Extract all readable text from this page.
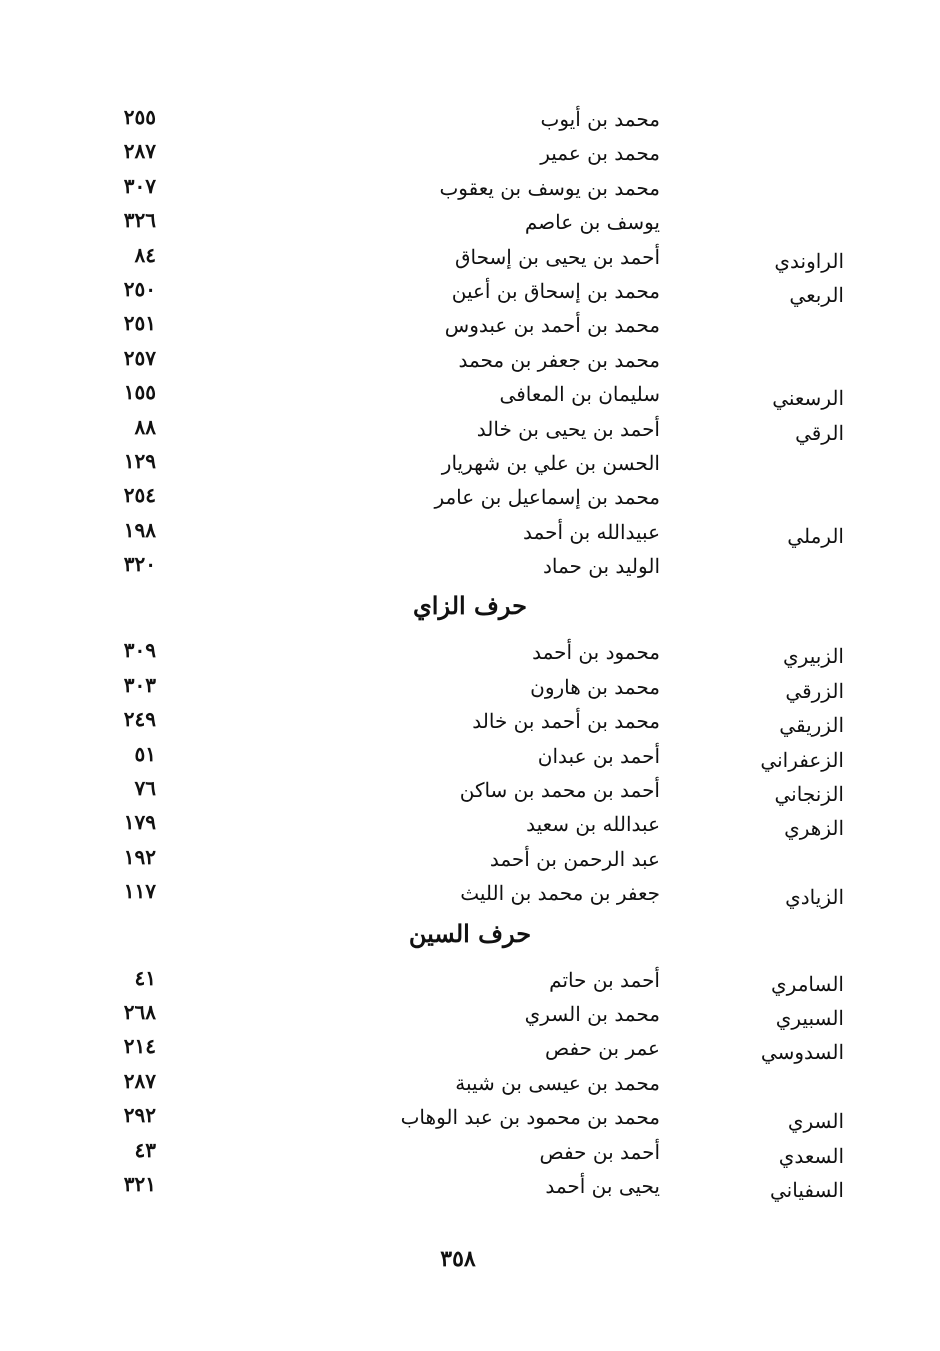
محمد بن أيوب
٢٥٥
محمد بن عمير
٢٨٧
محمد بن يوسف بن يعقوب
٣٠٧
يوسف بن عاصم
٣٢٦
الراوندي
أحمد بن يحيى بن إسحاق
٨٤
الربعي
محمد بن إسحاق بن أعين
٢٥٠
محمد بن أحمد بن عبدوس
٢٥١
محمد بن جعفر بن محمد
٢٥٧
الرسعني
سليمان بن المعافى
١٥٥
الرقي
أحمد بن يحيى بن خالد
٨٨
الحسن بن علي بن شهريار
١٢٩
محمد بن إسماعيل بن عامر
٢٥٤
الرملي
عبيدالله بن أحمد
١٩٨
الوليد بن حماد
٣٢٠
حرف الزاي
الزبيري
محمود بن أحمد
٣٠٩
الزرقي
محمد بن هارون
٣٠٣
الزريقي
محمد بن أحمد بن خالد
٢٤٩
الزعفراني
أحمد بن عبدان
٥١
الزنجاني
أحمد بن محمد بن ساكن
٧٦
الزهري
عبدالله بن سعيد
١٧٩
عبد الرحمن بن أحمد
١٩٢
الزيادي
جعفر بن محمد بن الليث
١١٧
حرف السين
السامري
أحمد بن حاتم
٤١
السبيري
محمد بن السري
٢٦٨
السدوسي
عمر بن حفص
٢١٤
محمد بن عيسى بن شيبة
٢٨٧
السري
محمد بن محمود بن عبد الوهاب
٢٩٢
السعدي
أحمد بن حفص
٤٣
السفياني
يحيى بن أحمد
٣٢١
٣٥٨
